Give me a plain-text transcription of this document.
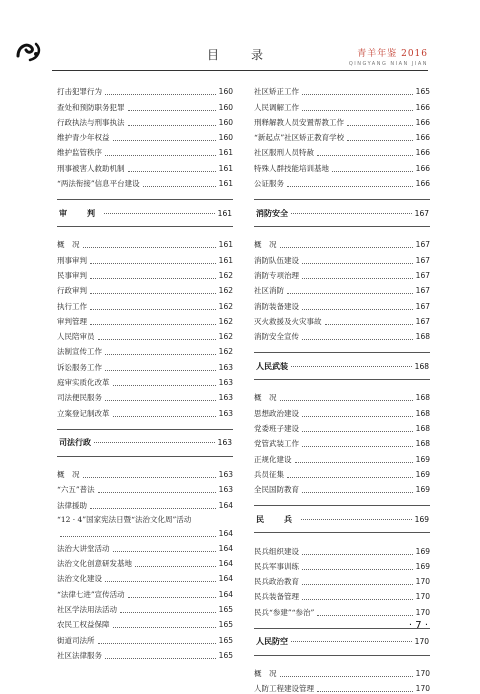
目　录	青羊年鉴 2016
QINGYANG NIAN JIAN
打击犯罪行为	160
查处和预防职务犯罪	160
行政执法与刑事执法	160
维护青少年权益	160
维护监管秩序	161
刑事被害人救助机制	161
“两法衔接”信息平台建设	161
审　判	161
概　况	161
刑事审判	161
民事审判	162
行政审判	162
执行工作	162
审判管理	162
人民陪审员	162
法制宣传工作	162
诉讼服务工作	163
庭审实质化改革	163
司法便民服务	163
立案登记制改革	163
司法行政	163
概　况	163
“六五”普法	163
法律援助	164
“12 · 4”国家宪法日暨“法治文化周”活动
164
法治大讲堂活动	164
法治文化创意研发基地	164
法治文化建设	164
“法律七进”宣传活动	164
社区学法用法活动	165
农民工权益保障	165
街道司法所	165
社区法律服务	165
社区矫正工作	165
人民调解工作	166
刑释解教人员安置帮教工作	166
“新起点”社区矫正教育学校	166
社区服刑人员特赦	166
特殊人群技能培训基地	166
公证服务	166
消防安全	167
概　况	167
消防队伍建设	167
消防专项治理	167
社区消防	167
消防装备建设	167
灭火救援及火灾事故	167
消防安全宣传	168
人民武装	168
概　况	168
思想政治建设	168
党委班子建设	168
党管武装工作	168
正规化建设	169
兵员征集	169
全民国防教育	169
民　兵	169
民兵组织建设	169
民兵军事训练	169
民兵政治教育	170
民兵装备管理	170
民兵“参建”“参治”	170
人民防空	170
概　况	170
人防工程建设管理	170
· 7 ·
